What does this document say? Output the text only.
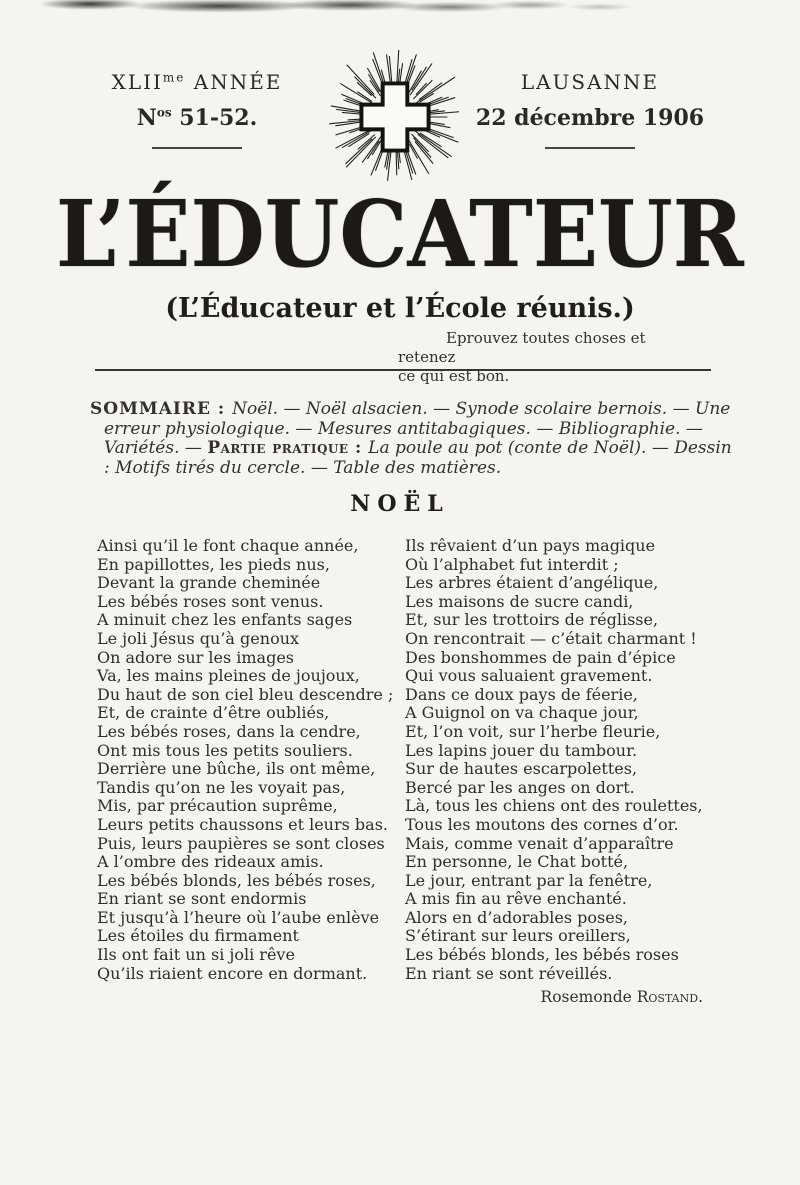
$XLII^{me}$ ANNÉE
$N^{os}$ 51-52.
LAUSANNE
22 décembre 1906
L’ÉDUCATEUR
(L’Éducateur et l’École réunis.)
Eprouvez toutes choses et retenez
ce qui est bon.

SOMMAIRE : Noël. — Noël alsacien. — Synode scolaire bernois. — Une erreur physiologique. — Mesures antitabagiques. — Bibliographie. — Variétés. — Partie pratique : La poule au pot (conte de Noël). — Dessin : Motifs tirés du cercle. — Table des matières.

NOËL
Ainsi qu’il le font chaque année,
En papillottes, les pieds nus,
Devant la grande cheminée
Les bébés roses sont venus.
A minuit chez les enfants sages
Le joli Jésus qu’à genoux
On adore sur les images
Va, les mains pleines de joujoux,
Du haut de son ciel bleu descendre ;
Et, de crainte d’être oubliés,
Les bébés roses, dans la cendre,
Ont mis tous les petits souliers.
Derrière une bûche, ils ont même,
Tandis qu’on ne les voyait pas,
Mis, par précaution suprême,
Leurs petits chaussons et leurs bas.
Puis, leurs paupières se sont closes
A l’ombre des rideaux amis.
Les bébés blonds, les bébés roses,
En riant se sont endormis
Et jusqu’à l’heure où l’aube enlève
Les étoiles du firmament
Ils ont fait un si joli rêve
Qu’ils riaient encore en dormant.
Ils rêvaient d’un pays magique
Où l’alphabet fut interdit ;
Les arbres étaient d’angélique,
Les maisons de sucre candi,
Et, sur les trottoirs de réglisse,
On rencontrait — c’était charmant !
Des bonshommes de pain d’épice
Qui vous saluaient gravement.
Dans ce doux pays de féerie,
A Guignol on va chaque jour,
Et, l’on voit, sur l’herbe fleurie,
Les lapins jouer du tambour.
Sur de hautes escarpolettes,
Bercé par les anges on dort.
Là, tous les chiens ont des roulettes,
Tous les moutons des cornes d’or.
Mais, comme venait d’apparaître
En personne, le Chat botté,
Le jour, entrant par la fenêtre,
A mis fin au rêve enchanté.
Alors en d’adorables poses,
S’étirant sur leurs oreillers,
Les bébés blonds, les bébés roses
En riant se sont réveillés.
Rosemonde Rostand.
